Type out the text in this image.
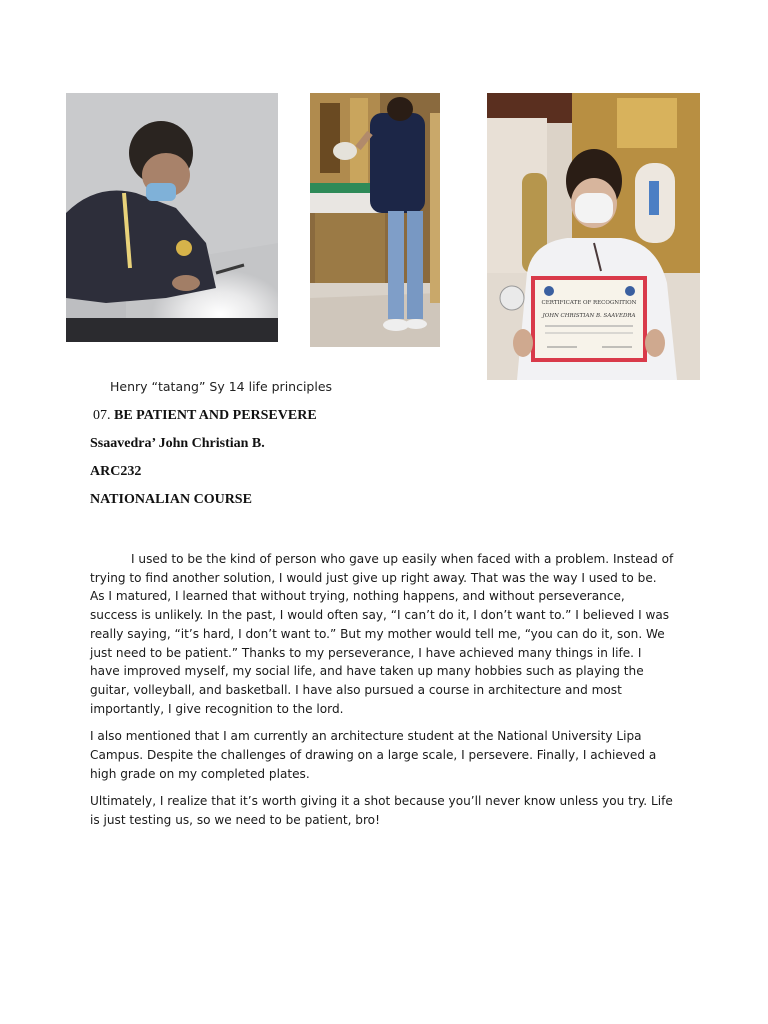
CERTIFICATE OF RECOGNITION
JOHN CHRISTIAN B. SAAVEDRA
Henry “tatang” Sy 14 life principles
07. BE PATIENT AND PERSEVERE
Ssaavedra’ John Christian B.
ARC232
NATIONALIAN COURSE

I used to be the kind of person who gave up easily when faced with a problem. Instead of trying to find another solution, I would just give up right away. That was the way I used to be. As I matured, I learned that without trying, nothing happens, and without perseverance, success is unlikely. In the past, I would often say, “I can’t do it, I don’t want to.” I believed I was really saying, “it’s hard, I don’t want to.” But my mother would tell me, “you can do it, son. We just need to be patient.” Thanks to my perseverance, I have achieved many things in life. I have improved myself, my social life, and have taken up many hobbies such as playing the guitar, volleyball, and basketball. I have also pursued a course in architecture and most importantly, I give recognition to the lord.

I also mentioned that I am currently an architecture student at the National University Lipa Campus. Despite the challenges of drawing on a large scale, I persevere. Finally, I achieved a high grade on my completed plates.

Ultimately, I realize that it’s worth giving it a shot because you’ll never know unless you try. Life is just testing us, so we need to be patient, bro!
